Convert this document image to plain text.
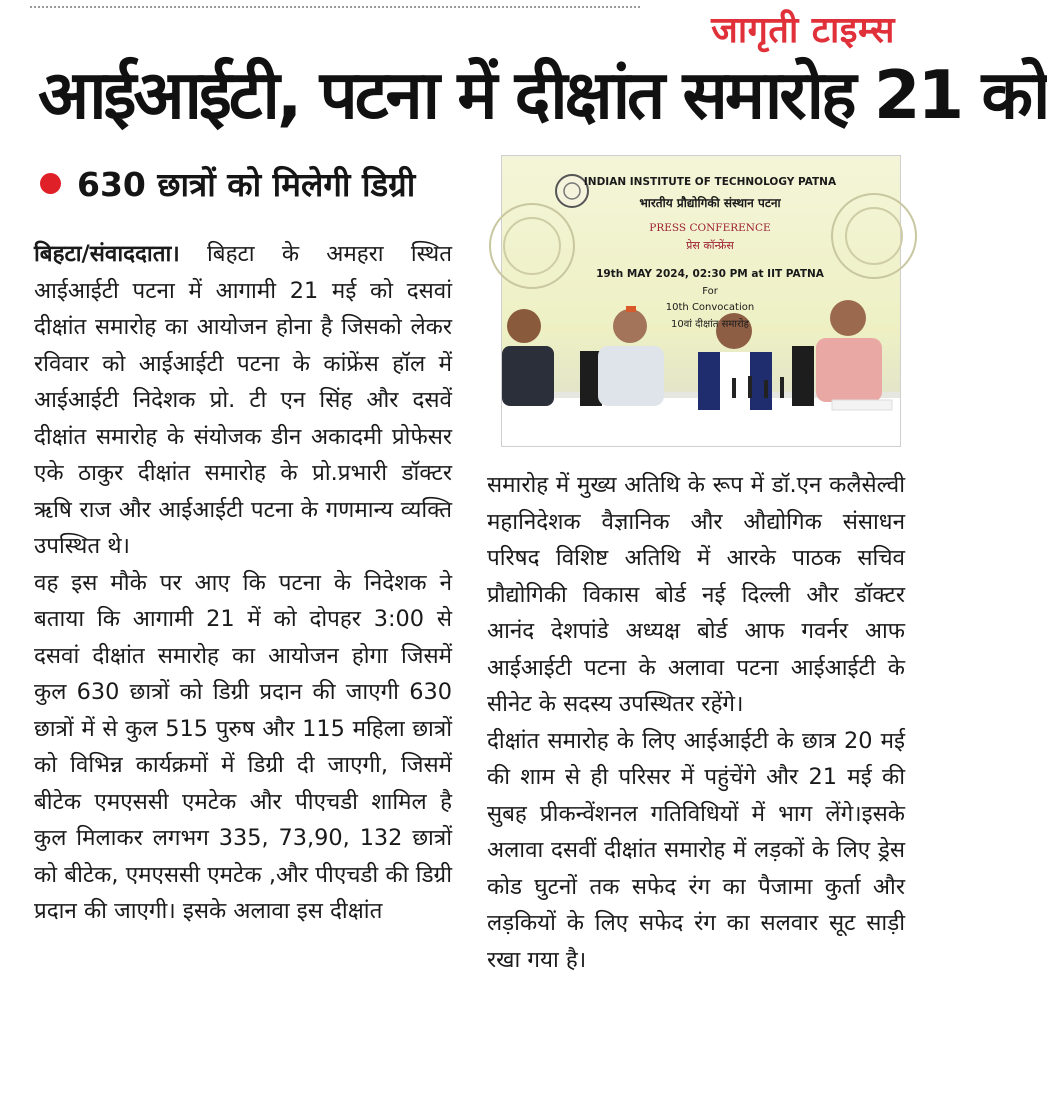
जागृती टाइम्स
आईआईटी, पटना में दीक्षांत समारोह 21 को
630 छात्रों को मिलेगी डिग्री	INDIAN INSTITUTE OF TECHNOLOGY PATNA
भारतीय प्रौद्योगिकी संस्थान पटना
PRESS CONFERENCE
प्रेस कॉन्फ्रेंस
19th MAY 2024, 02:30 PM at IIT PATNA
For
10th Convocation
10वां दीक्षांत समारोह

बिहटा/संवाददाता। बिहटा के अमहरा स्थित आईआईटी पटना में आगामी 21 मई को दसवां दीक्षांत समारोह का आयोजन होना है जिसको लेकर रविवार को आईआईटी पटना के कांफ्रेंस हॉल में आईआईटी निदेशक प्रो. टी एन सिंह और दसवें दीक्षांत समारोह के संयोजक डीन अकादमी प्रोफेसर एके ठाकुर दीक्षांत समारोह के प्रो.प्रभारी डॉक्टर ऋषि राज और आईआईटी पटना के गणमान्य व्यक्ति उपस्थित थे।

वह इस मौके पर आए कि पटना के निदेशक ने बताया कि आगामी 21 में को दोपहर 3:00 से दसवां दीक्षांत समारोह का आयोजन होगा जिसमें कुल 630 छात्रों को डिग्री प्रदान की जाएगी 630 छात्रों में से कुल 515 पुरुष और 115 महिला छात्रों को विभिन्न कार्यक्रमों में डिग्री दी जाएगी, जिसमें बीटेक एमएससी एमटेक और पीएचडी शामिल है कुल मिलाकर लगभग 335, 73,90, 132 छात्रों को बीटेक, एमएससी एमटेक ,और पीएचडी की डिग्री प्रदान की जाएगी। इसके अलावा इस दीक्षांत

समारोह में मुख्य अतिथि के रूप में डॉ.एन कलैसेल्वी महानिदेशक वैज्ञानिक और औद्योगिक संसाधन परिषद विशिष्ट अतिथि में आरके पाठक सचिव प्रौद्योगिकी विकास बोर्ड नई दिल्ली और डॉक्टर आनंद देशपांडे अध्यक्ष बोर्ड आफ गवर्नर आफ आईआईटी पटना के अलावा पटना आईआईटी के सीनेट के सदस्य उपस्थितर रहेंगे।

दीक्षांत समारोह के लिए आईआईटी के छात्र 20 मई की शाम से ही परिसर में पहुंचेंगे और 21 मई की सुबह प्रीकन्वेंशनल गतिविधियों में भाग लेंगे।इसके अलावा दसवीं दीक्षांत समारोह में लड़कों के लिए ड्रेस कोड घुटनों तक सफेद रंग का पैजामा कुर्ता और लड़कियों के लिए सफेद रंग का सलवार सूट साड़ी रखा गया है।
